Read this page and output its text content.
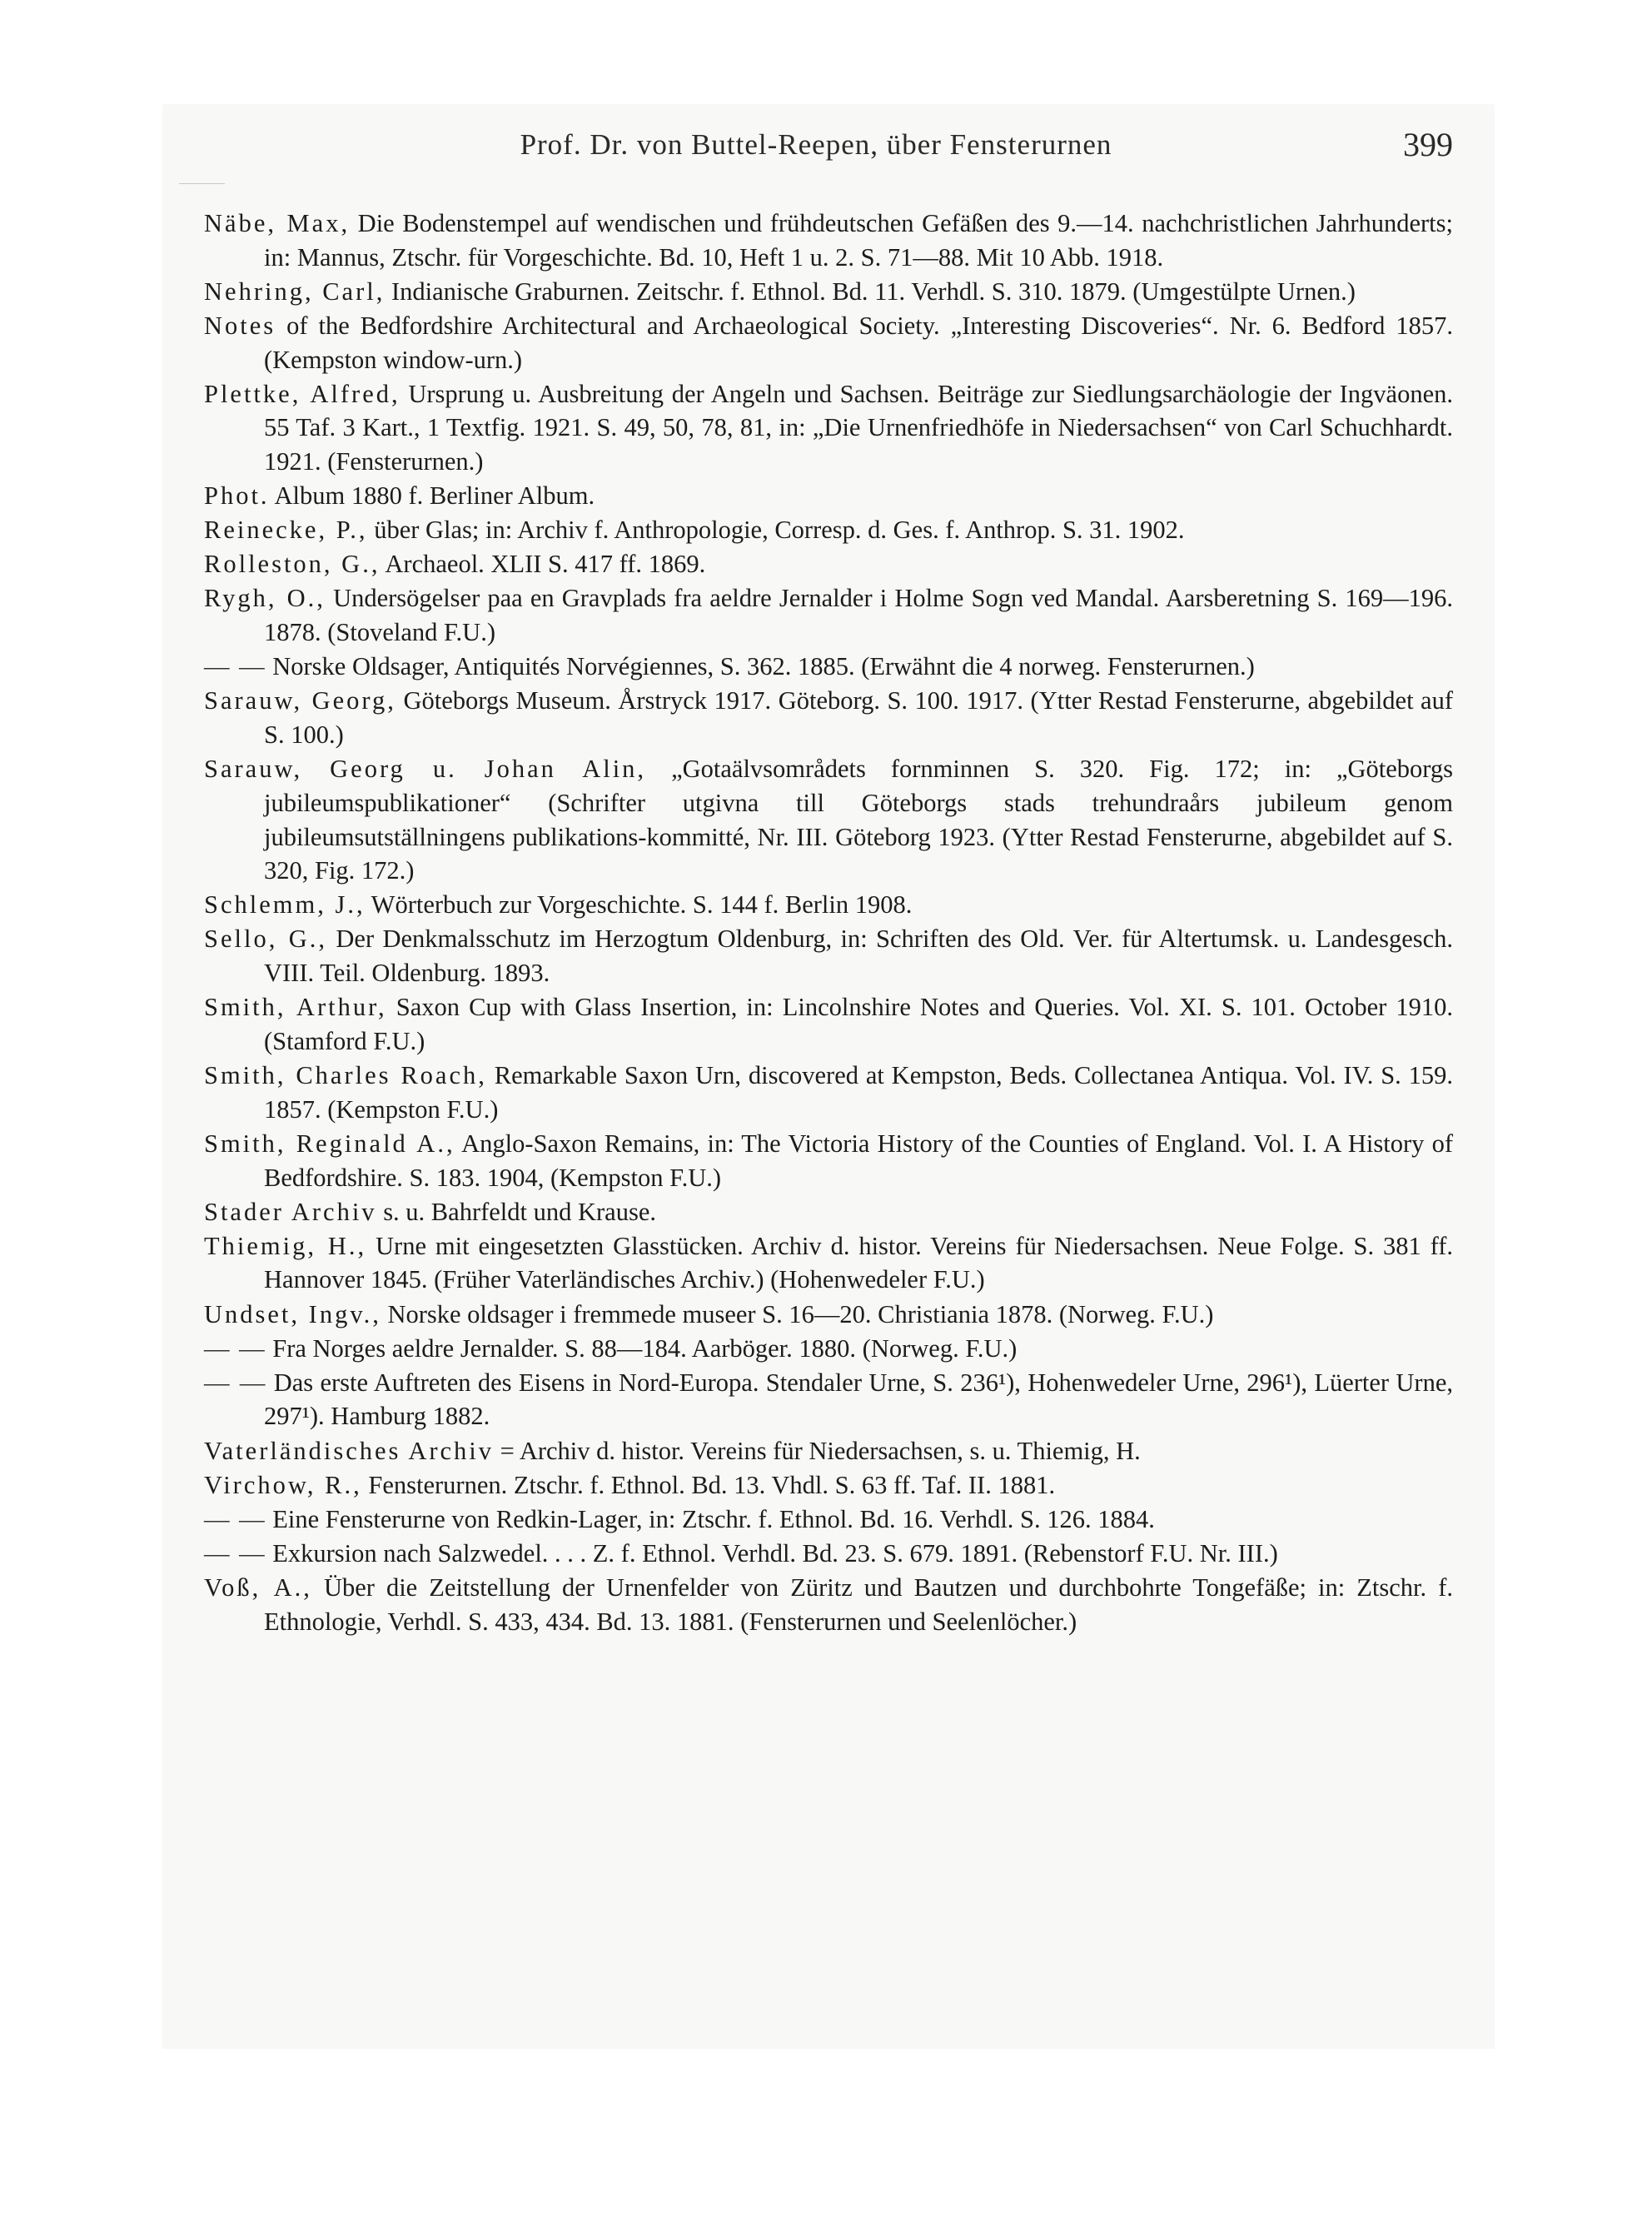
Prof. Dr. von Buttel-Reepen, über Fensterurnen	399

Näbe, Max, Die Bodenstempel auf wendischen und frühdeutschen Gefäßen des 9.—14. nachchristlichen Jahrhunderts; in: Mannus, Ztschr. für Vorgeschichte. Bd. 10, Heft 1 u. 2. S. 71—88. Mit 10 Abb. 1918.

Nehring, Carl, Indianische Graburnen. Zeitschr. f. Ethnol. Bd. 11. Verhdl. S. 310. 1879. (Umgestülpte Urnen.)

Notes of the Bedfordshire Architectural and Archaeological Society. „Interesting Discoveries“. Nr. 6. Bedford 1857. (Kempston window-urn.)

Plettke, Alfred, Ursprung u. Ausbreitung der Angeln und Sachsen. Beiträge zur Siedlungsarchäologie der Ingväonen. 55 Taf. 3 Kart., 1 Textfig. 1921. S. 49, 50, 78, 81, in: „Die Urnenfriedhöfe in Niedersachsen“ von Carl Schuchhardt. 1921. (Fensterurnen.)

Phot. Album 1880 f. Berliner Album.

Reinecke, P., über Glas; in: Archiv f. Anthropologie, Corresp. d. Ges. f. Anthrop. S. 31. 1902.

Rolleston, G., Archaeol. XLII S. 417 ff. 1869.

Rygh, O., Undersögelser paa en Gravplads fra aeldre Jernalder i Holme Sogn ved Mandal. Aarsberetning S. 169—196. 1878. (Stoveland F.U.)

— — Norske Oldsager, Antiquités Norvégiennes, S. 362. 1885. (Erwähnt die 4 norweg. Fensterurnen.)

Sarauw, Georg, Göteborgs Museum. Årstryck 1917. Göteborg. S. 100. 1917. (Ytter Restad Fensterurne, abgebildet auf S. 100.)

Sarauw, Georg u. Johan Alin, „Gotaälvsområdets fornminnen S. 320. Fig. 172; in: „Göteborgs jubileumspublikationer“ (Schrifter utgivna till Göteborgs stads trehundraårs jubileum genom jubileumsutställningens publikations-kommitté, Nr. III. Göteborg 1923. (Ytter Restad Fensterurne, abgebildet auf S. 320, Fig. 172.)

Schlemm, J., Wörterbuch zur Vorgeschichte. S. 144 f. Berlin 1908.

Sello, G., Der Denkmalsschutz im Herzogtum Oldenburg, in: Schriften des Old. Ver. für Altertumsk. u. Landesgesch. VIII. Teil. Oldenburg. 1893.

Smith, Arthur, Saxon Cup with Glass Insertion, in: Lincolnshire Notes and Queries. Vol. XI. S. 101. October 1910. (Stamford F.U.)

Smith, Charles Roach, Remarkable Saxon Urn, discovered at Kempston, Beds. Collectanea Antiqua. Vol. IV. S. 159. 1857. (Kempston F.U.)

Smith, Reginald A., Anglo-Saxon Remains, in: The Victoria History of the Counties of England. Vol. I. A History of Bedfordshire. S. 183. 1904, (Kempston F.U.)

Stader Archiv s. u. Bahrfeldt und Krause.

Thiemig, H., Urne mit eingesetzten Glasstücken. Archiv d. histor. Vereins für Niedersachsen. Neue Folge. S. 381 ff. Hannover 1845. (Früher Vaterländisches Archiv.) (Hohenwedeler F.U.)

Undset, Ingv., Norske oldsager i fremmede museer S. 16—20. Christiania 1878. (Norweg. F.U.)

— — Fra Norges aeldre Jernalder. S. 88—184. Aarböger. 1880. (Norweg. F.U.)

— — Das erste Auftreten des Eisens in Nord-Europa. Stendaler Urne, S. 236¹), Hohenwedeler Urne, 296¹), Lüerter Urne, 297¹). Hamburg 1882.

Vaterländisches Archiv = Archiv d. histor. Vereins für Niedersachsen, s. u. Thiemig, H.

Virchow, R., Fensterurnen. Ztschr. f. Ethnol. Bd. 13. Vhdl. S. 63 ff. Taf. II. 1881.

— — Eine Fensterurne von Redkin-Lager, in: Ztschr. f. Ethnol. Bd. 16. Verhdl. S. 126. 1884.

— — Exkursion nach Salzwedel. . . . Z. f. Ethnol. Verhdl. Bd. 23. S. 679. 1891. (Rebenstorf F.U. Nr. III.)

Voß, A., Über die Zeitstellung der Urnenfelder von Züritz und Bautzen und durchbohrte Tongefäße; in: Ztschr. f. Ethnologie, Verhdl. S. 433, 434. Bd. 13. 1881. (Fensterurnen und Seelenlöcher.)
